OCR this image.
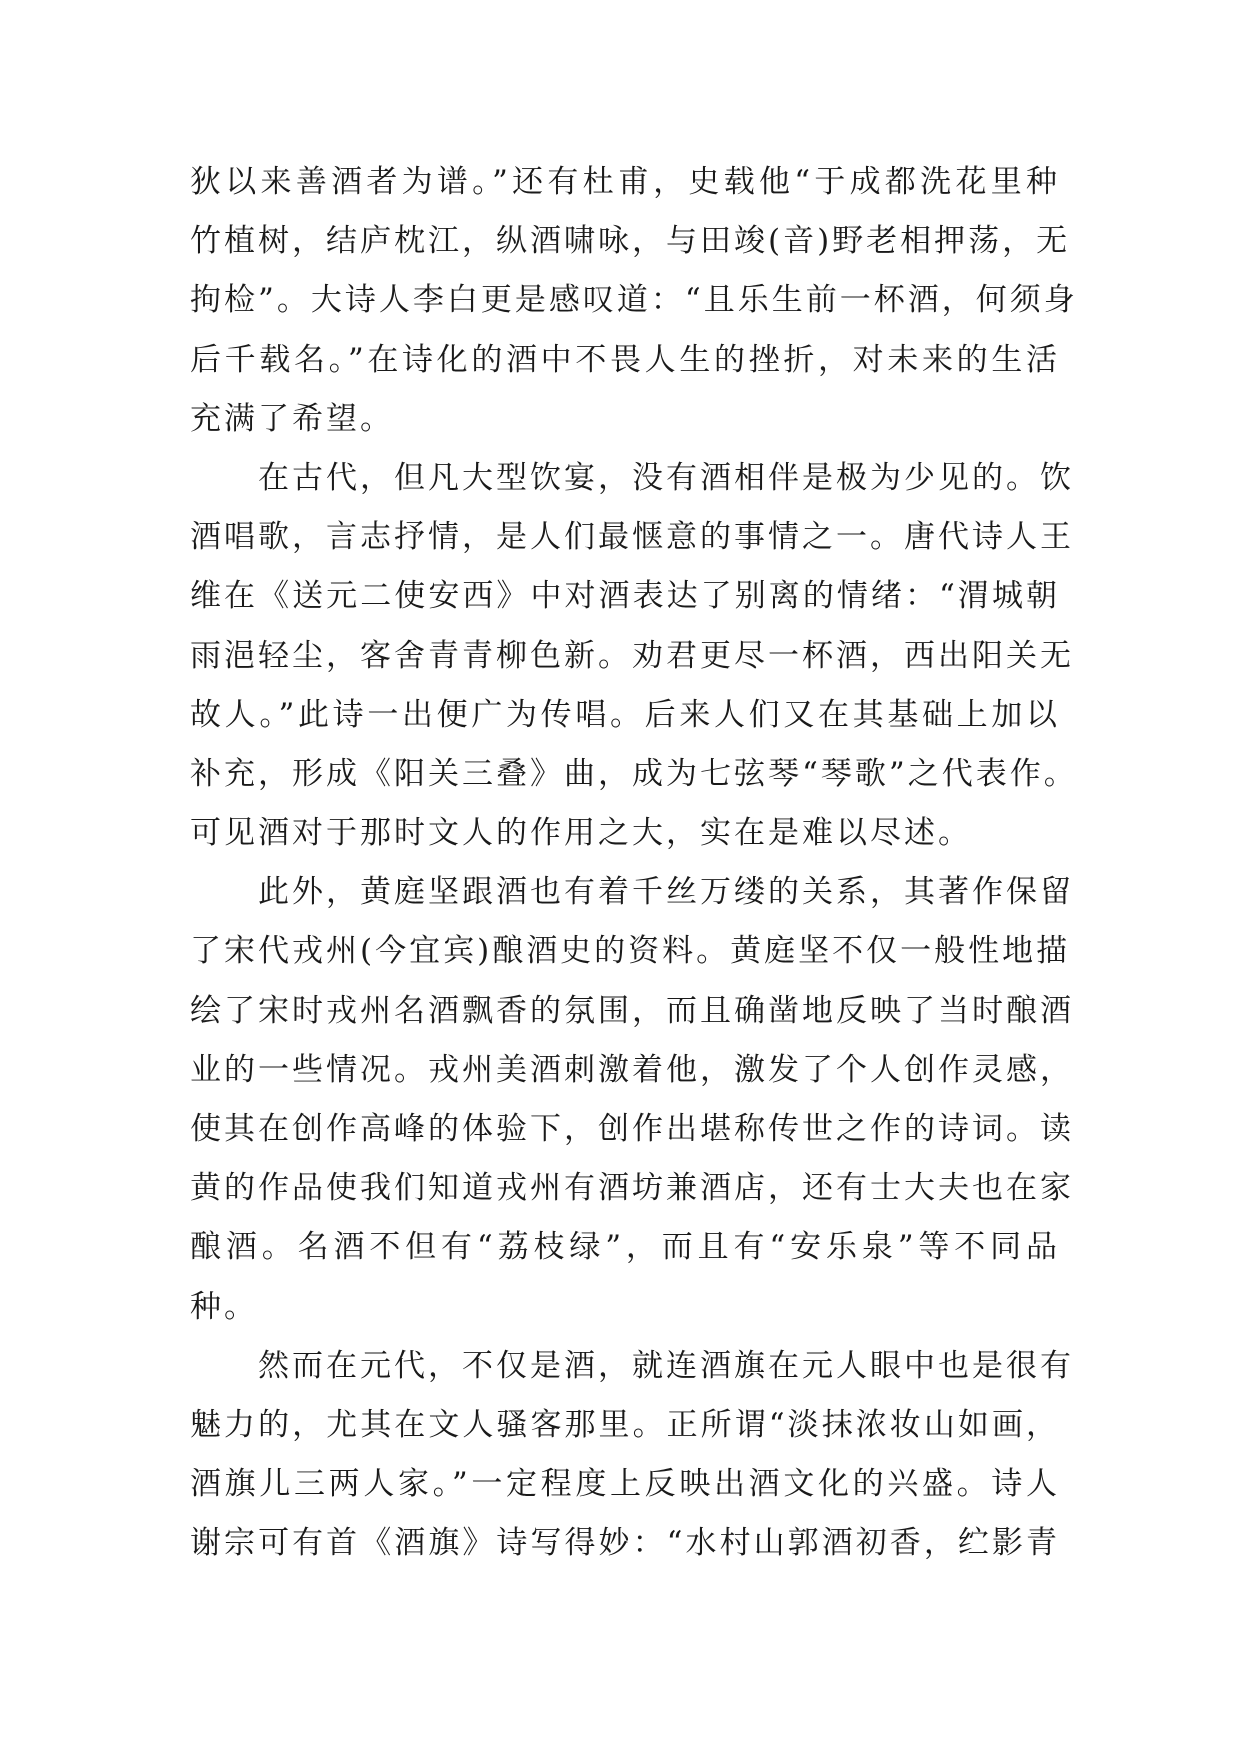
狄以来善酒者为谱。”还有杜甫，史载他“于成都洗花里种
竹植树，结庐枕江，纵酒啸咏，与田竣(音)野老相押荡，无
拘检”。大诗人李白更是感叹道：“且乐生前一杯酒，何须身
后千载名。”在诗化的酒中不畏人生的挫折，对未来的生活
充满了希望。
在古代，但凡大型饮宴，没有酒相伴是极为少见的。饮
酒唱歌，言志抒情，是人们最惬意的事情之一。唐代诗人王
维在《送元二使安西》中对酒表达了别离的情绪：“渭城朝
雨浥轻尘，客舍青青柳色新。劝君更尽一杯酒，西出阳关无
故人。”此诗一出便广为传唱。后来人们又在其基础上加以
补充，形成《阳关三叠》曲，成为七弦琴“琴歌”之代表作。
可见酒对于那时文人的作用之大，实在是难以尽述。
此外，黄庭坚跟酒也有着千丝万缕的关系，其著作保留
了宋代戎州(今宜宾)酿酒史的资料。黄庭坚不仅一般性地描
绘了宋时戎州名酒飘香的氛围，而且确凿地反映了当时酿酒
业的一些情况。戎州美酒刺激着他，激发了个人创作灵感，
使其在创作高峰的体验下，创作出堪称传世之作的诗词。读
黄的作品使我们知道戎州有酒坊兼酒店，还有士大夫也在家
酿酒。名酒不但有“荔枝绿”，而且有“安乐泉”等不同品
种。
然而在元代，不仅是酒，就连酒旗在元人眼中也是很有
魅力的，尤其在文人骚客那里。正所谓“淡抹浓妆山如画，
酒旗儿三两人家。”一定程度上反映出酒文化的兴盛。诗人
谢宗可有首《酒旗》诗写得妙：“水村山郭酒初香，纻影青
